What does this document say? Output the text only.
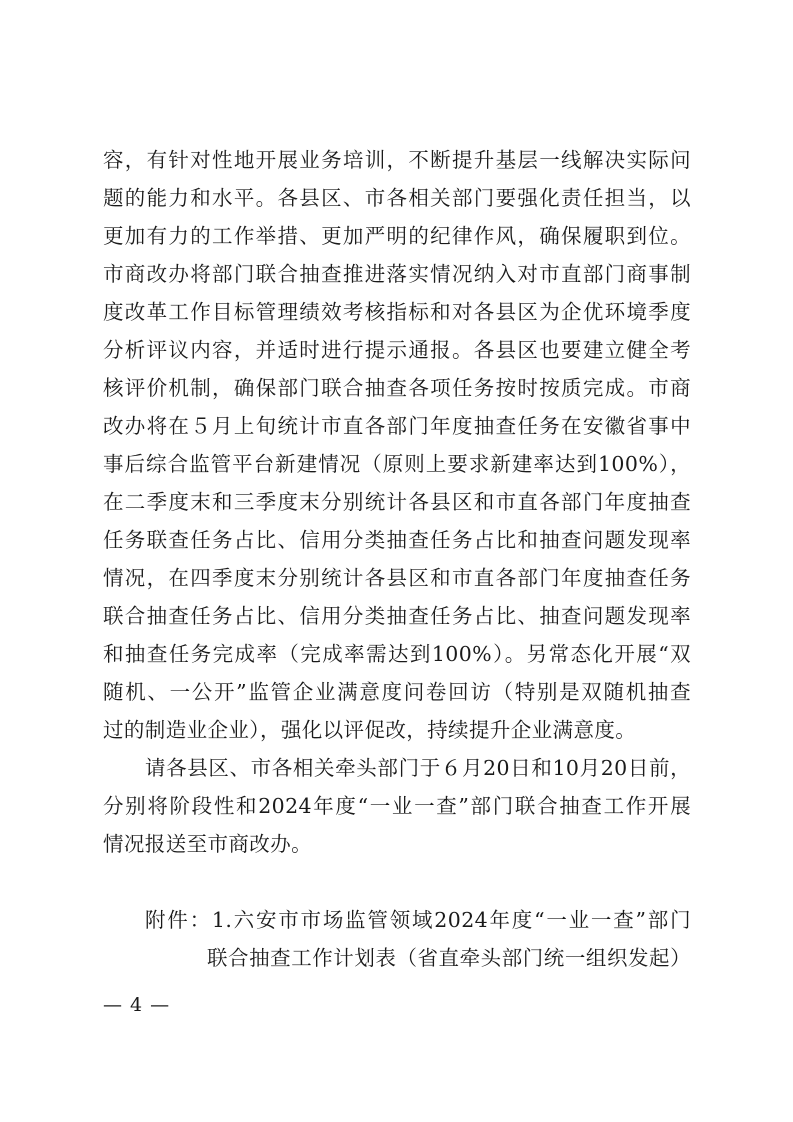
容，有针对性地开展业务培训，不断提升基层一线解决实际问
题的能力和水平。各县区、市各相关部门要强化责任担当，以
更加有力的工作举措、更加严明的纪律作风，确保履职到位。
市商改办将部门联合抽查推进落实情况纳入对市直部门商事制
度改革工作目标管理绩效考核指标和对各县区为企优环境季度
分析评议内容，并适时进行提示通报。各县区也要建立健全考
核评价机制，确保部门联合抽查各项任务按时按质完成。市商
改办将在５月上旬统计市直各部门年度抽查任务在安徽省事中
事后综合监管平台新建情况（原则上要求新建率达到100%），
在二季度末和三季度末分别统计各县区和市直各部门年度抽查
任务联查任务占比、信用分类抽查任务占比和抽查问题发现率
情况，在四季度末分别统计各县区和市直各部门年度抽查任务
联合抽查任务占比、信用分类抽查任务占比、抽查问题发现率
和抽查任务完成率（完成率需达到100%）。另常态化开展“双
随机、一公开”监管企业满意度问卷回访（特别是双随机抽查
过的制造业企业），强化以评促改，持续提升企业满意度。
请各县区、市各相关牵头部门于６月20日和10月20日前，
分别将阶段性和2024年度“一业一查”部门联合抽查工作开展
情况报送至市商改办。
附件：1.六安市市场监管领域2024年度“一业一查”部门
联合抽查工作计划表（省直牵头部门统一组织发起）
— 4 —
